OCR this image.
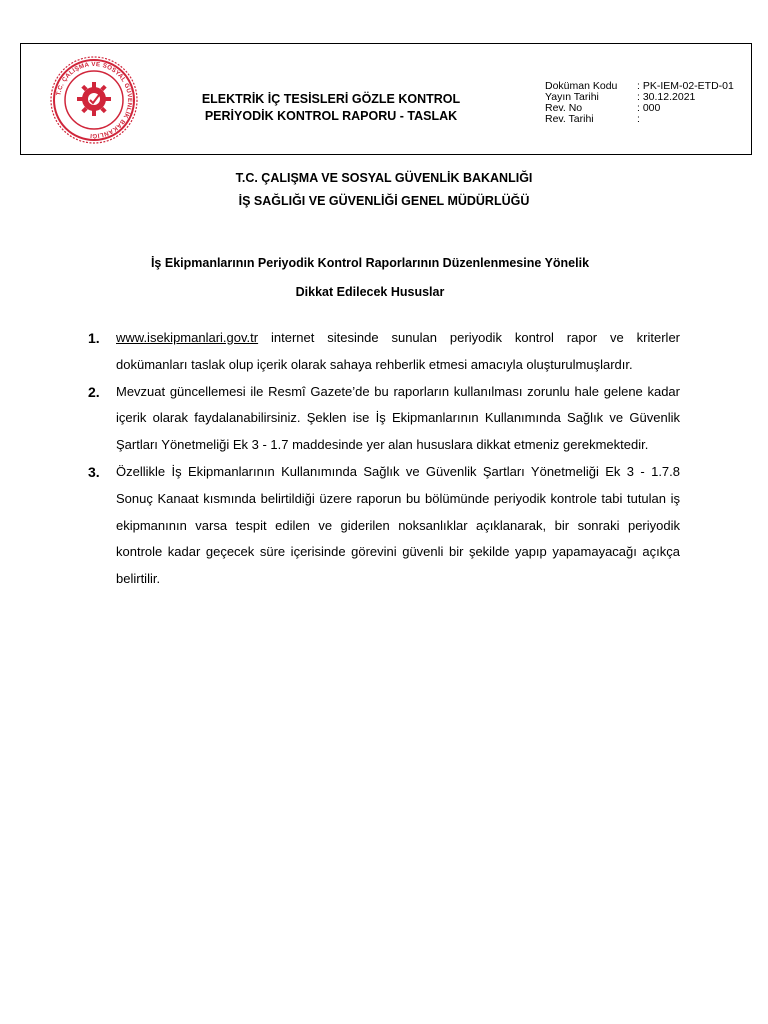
T.C. ÇALIŞMA VE SOSYAL GÜVENLİK BAKANLIĞI
ELEKTRİK İÇ TESİSLERİ GÖZLE KONTROL
PERİYODİK KONTROL RAPORU - TASLAK
Doküman Kodu	: PK-IEM-02-ETD-01
Yayın Tarihi	: 30.12.2021
Rev. No	: 000
Rev. Tarihi	:
T.C. ÇALIŞMA VE SOSYAL GÜVENLİK BAKANLIĞI
İŞ SAĞLIĞI VE GÜVENLİĞİ GENEL MÜDÜRLÜĞÜ
İş Ekipmanlarının Periyodik Kontrol Raporlarının Düzenlenmesine Yönelik
Dikkat Edilecek Hususlar
1. www.isekipmanlari.gov.tr internet sitesinde sunulan periyodik kontrol rapor ve kriterler dokümanları taslak olup içerik olarak sahaya rehberlik etmesi amacıyla oluşturulmuşlardır.
2. Mevzuat güncellemesi ile Resmî Gazete’de bu raporların kullanılması zorunlu hale gelene kadar içerik olarak faydalanabilirsiniz. Şeklen ise İş Ekipmanlarının Kullanımında Sağlık ve Güvenlik Şartları Yönetmeliği Ek 3 - 1.7 maddesinde yer alan hususlara dikkat etmeniz gerekmektedir.
3. Özellikle İş Ekipmanlarının Kullanımında Sağlık ve Güvenlik Şartları Yönetmeliği Ek 3 - 1.7.8 Sonuç Kanaat kısmında belirtildiği üzere raporun bu bölümünde periyodik kontrole tabi tutulan iş ekipmanının varsa tespit edilen ve giderilen noksanlıklar açıklanarak, bir sonraki periyodik kontrole kadar geçecek süre içerisinde görevini güvenli bir şekilde yapıp yapamayacağı açıkça belirtilir.
